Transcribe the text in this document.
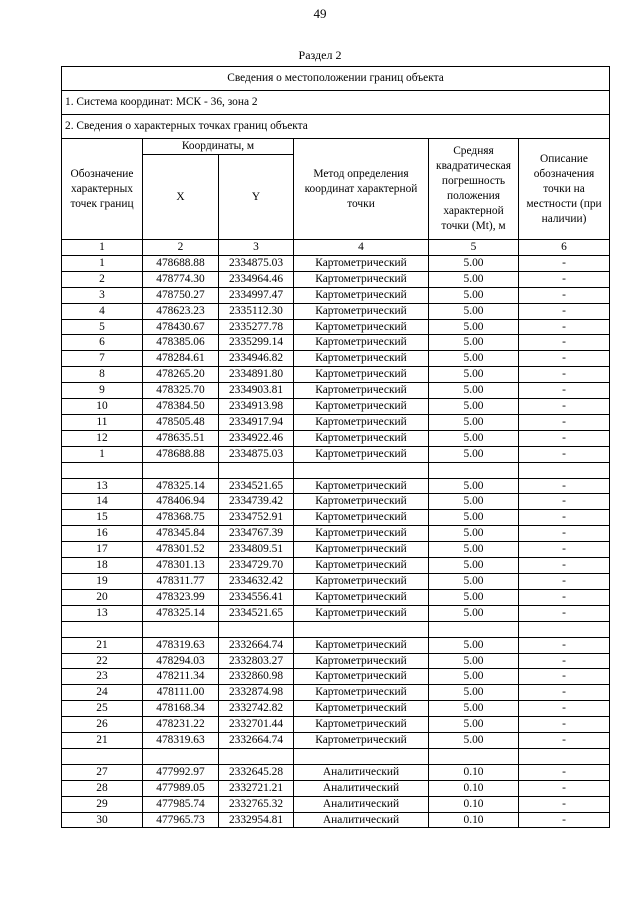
49
Раздел 2
Сведения о местоположении границ объекта					
1. Система координат: МСК - 36, зона 2					
2. Сведения о характерных точках границ объекта					
Обозначение характерных точек границ	Координаты, м		Метод определения координат характерной точки	Средняя квадратическая погрешность положения характерной точки (Mt), м	Описание обозначения точки на местности (при наличии)
	X	Y			
1	2	3	4	5	6
1	478688.88	2334875.03	Картометрический	5.00	-
2	478774.30	2334964.46	Картометрический	5.00	-
3	478750.27	2334997.47	Картометрический	5.00	-
4	478623.23	2335112.30	Картометрический	5.00	-
5	478430.67	2335277.78	Картометрический	5.00	-
6	478385.06	2335299.14	Картометрический	5.00	-
7	478284.61	2334946.82	Картометрический	5.00	-
8	478265.20	2334891.80	Картометрический	5.00	-
9	478325.70	2334903.81	Картометрический	5.00	-
10	478384.50	2334913.98	Картометрический	5.00	-
11	478505.48	2334917.94	Картометрический	5.00	-
12	478635.51	2334922.46	Картометрический	5.00	-
1	478688.88	2334875.03	Картометрический	5.00	-

13	478325.14	2334521.65	Картометрический	5.00	-
14	478406.94	2334739.42	Картометрический	5.00	-
15	478368.75	2334752.91	Картометрический	5.00	-
16	478345.84	2334767.39	Картометрический	5.00	-
17	478301.52	2334809.51	Картометрический	5.00	-
18	478301.13	2334729.70	Картометрический	5.00	-
19	478311.77	2334632.42	Картометрический	5.00	-
20	478323.99	2334556.41	Картометрический	5.00	-
13	478325.14	2334521.65	Картометрический	5.00	-

21	478319.63	2332664.74	Картометрический	5.00	-
22	478294.03	2332803.27	Картометрический	5.00	-
23	478211.34	2332860.98	Картометрический	5.00	-
24	478111.00	2332874.98	Картометрический	5.00	-
25	478168.34	2332742.82	Картометрический	5.00	-
26	478231.22	2332701.44	Картометрический	5.00	-
21	478319.63	2332664.74	Картометрический	5.00	-

27	477992.97	2332645.28	Аналитический	0.10	-
28	477989.05	2332721.21	Аналитический	0.10	-
29	477985.74	2332765.32	Аналитический	0.10	-
30	477965.73	2332954.81	Аналитический	0.10	-
